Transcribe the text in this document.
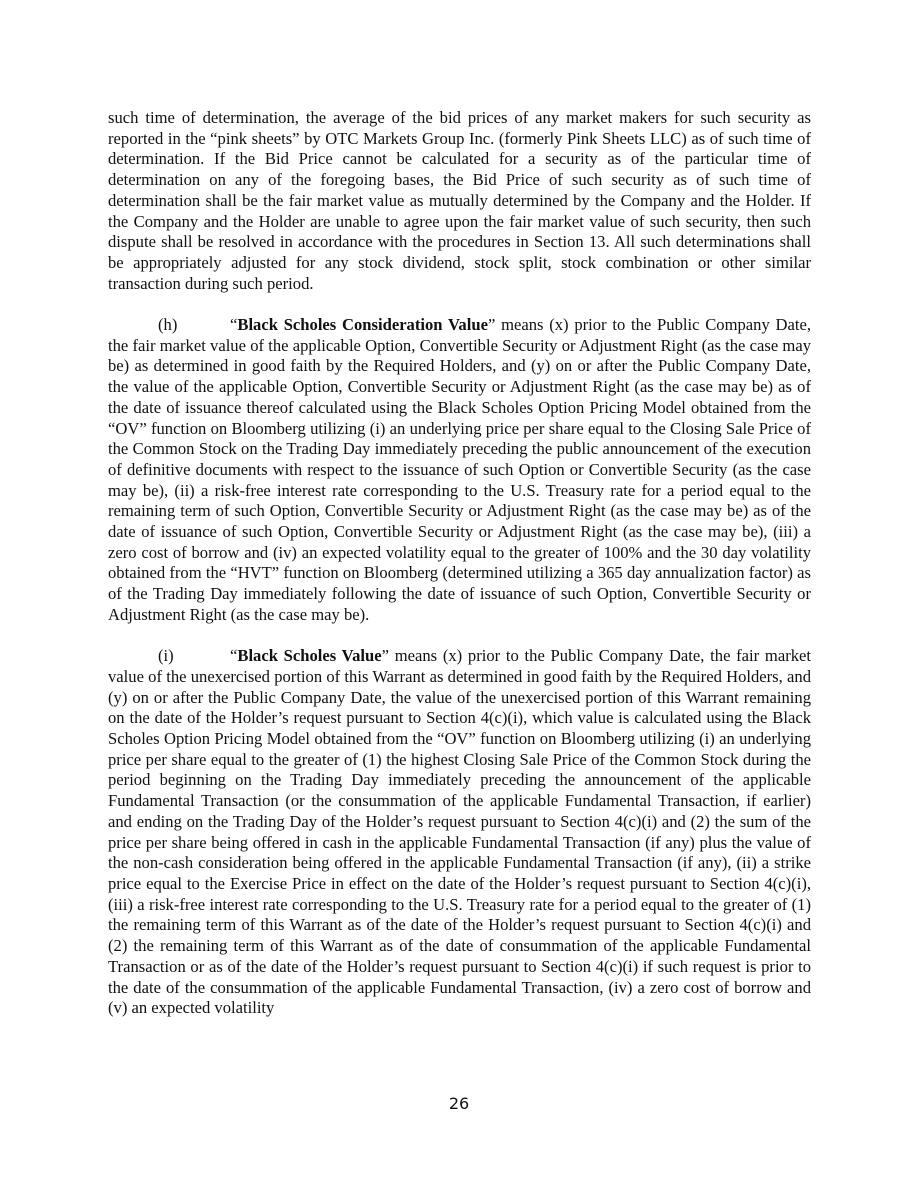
such time of determination, the average of the bid prices of any market makers for such security as reported in the “pink sheets” by OTC Markets Group Inc. (formerly Pink Sheets LLC) as of such time of determination. If the Bid Price cannot be calculated for a security as of the particular time of determination on any of the foregoing bases, the Bid Price of such security as of such time of determination shall be the fair market value as mutually determined by the Company and the Holder. If the Company and the Holder are unable to agree upon the fair market value of such security, then such dispute shall be resolved in accordance with the procedures in Section 13. All such determinations shall be appropriately adjusted for any stock dividend, stock split, stock combination or other similar transaction during such period.

(h)	“Black Scholes Consideration Value” means (x) prior to the Public Company Date, the fair market value of the applicable Option, Convertible Security or Adjustment Right (as the case may be) as determined in good faith by the Required Holders, and (y) on or after the Public Company Date, the value of the applicable Option, Convertible Security or Adjustment Right (as the case may be) as of the date of issuance thereof calculated using the Black Scholes Option Pricing Model obtained from the “OV” function on Bloomberg utilizing (i) an underlying price per share equal to the Closing Sale Price of the Common Stock on the Trading Day immediately preceding the public announcement of the execution of definitive documents with respect to the issuance of such Option or Convertible Security (as the case may be), (ii) a risk-free interest rate corresponding to the U.S. Treasury rate for a period equal to the remaining term of such Option, Convertible Security or Adjustment Right (as the case may be) as of the date of issuance of such Option, Convertible Security or Adjustment Right (as the case may be), (iii) a zero cost of borrow and (iv) an expected volatility equal to the greater of 100% and the 30 day volatility obtained from the “HVT” function on Bloomberg (determined utilizing a 365 day annualization factor) as of the Trading Day immediately following the date of issuance of such Option, Convertible Security or Adjustment Right (as the case may be).

(i)	“Black Scholes Value” means (x) prior to the Public Company Date, the fair market value of the unexercised portion of this Warrant as determined in good faith by the Required Holders, and (y) on or after the Public Company Date, the value of the unexercised portion of this Warrant remaining on the date of the Holder’s request pursuant to Section 4(c)(i), which value is calculated using the Black Scholes Option Pricing Model obtained from the “OV” function on Bloomberg utilizing (i) an underlying price per share equal to the greater of (1) the highest Closing Sale Price of the Common Stock during the period beginning on the Trading Day immediately preceding the announcement of the applicable Fundamental Transaction (or the consummation of the applicable Fundamental Transaction, if earlier) and ending on the Trading Day of the Holder’s request pursuant to Section 4(c)(i) and (2) the sum of the price per share being offered in cash in the applicable Fundamental Transaction (if any) plus the value of the non-cash consideration being offered in the applicable Fundamental Transaction (if any), (ii) a strike price equal to the Exercise Price in effect on the date of the Holder’s request pursuant to Section 4(c)(i), (iii) a risk-free interest rate corresponding to the U.S. Treasury rate for a period equal to the greater of (1) the remaining term of this Warrant as of the date of the Holder’s request pursuant to Section 4(c)(i) and (2) the remaining term of this Warrant as of the date of consummation of the applicable Fundamental Transaction or as of the date of the Holder’s request pursuant to Section 4(c)(i) if such request is prior to the date of the consummation of the applicable Fundamental Transaction, (iv) a zero cost of borrow and (v) an expected volatility

26
